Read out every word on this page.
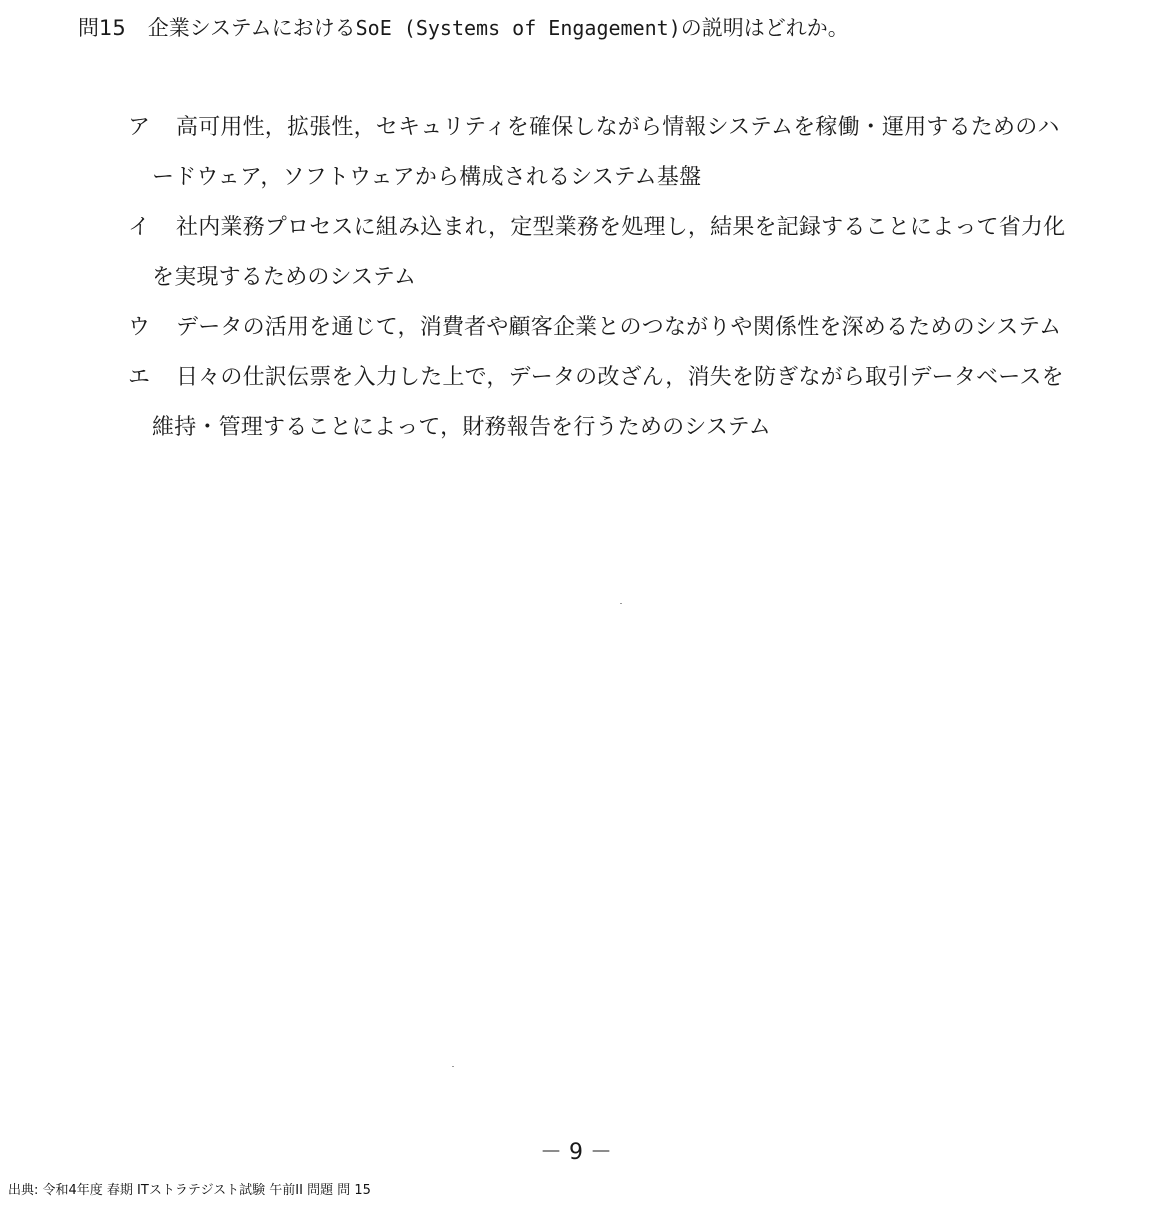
問15 企業システムにおけるSoE (Systems of Engagement)の説明はどれか。

ア	高可用性，拡張性，セキュリティを確保しながら情報システムを稼働・運用するためのハードウェア，ソフトウェアから構成されるシステム基盤

イ	社内業務プロセスに組み込まれ，定型業務を処理し，結果を記録することによって省力化を実現するためのシステム

ウ	データの活用を通じて，消費者や顧客企業とのつながりや関係性を深めるためのシステム

エ	日々の仕訳伝票を入力した上で，データの改ざん，消失を防ぎながら取引データベースを維持・管理することによって，財務報告を行うためのシステム

－ 9 －
出典: 令和4年度 春期 ITストラテジスト試験 午前II 問題 問 15
